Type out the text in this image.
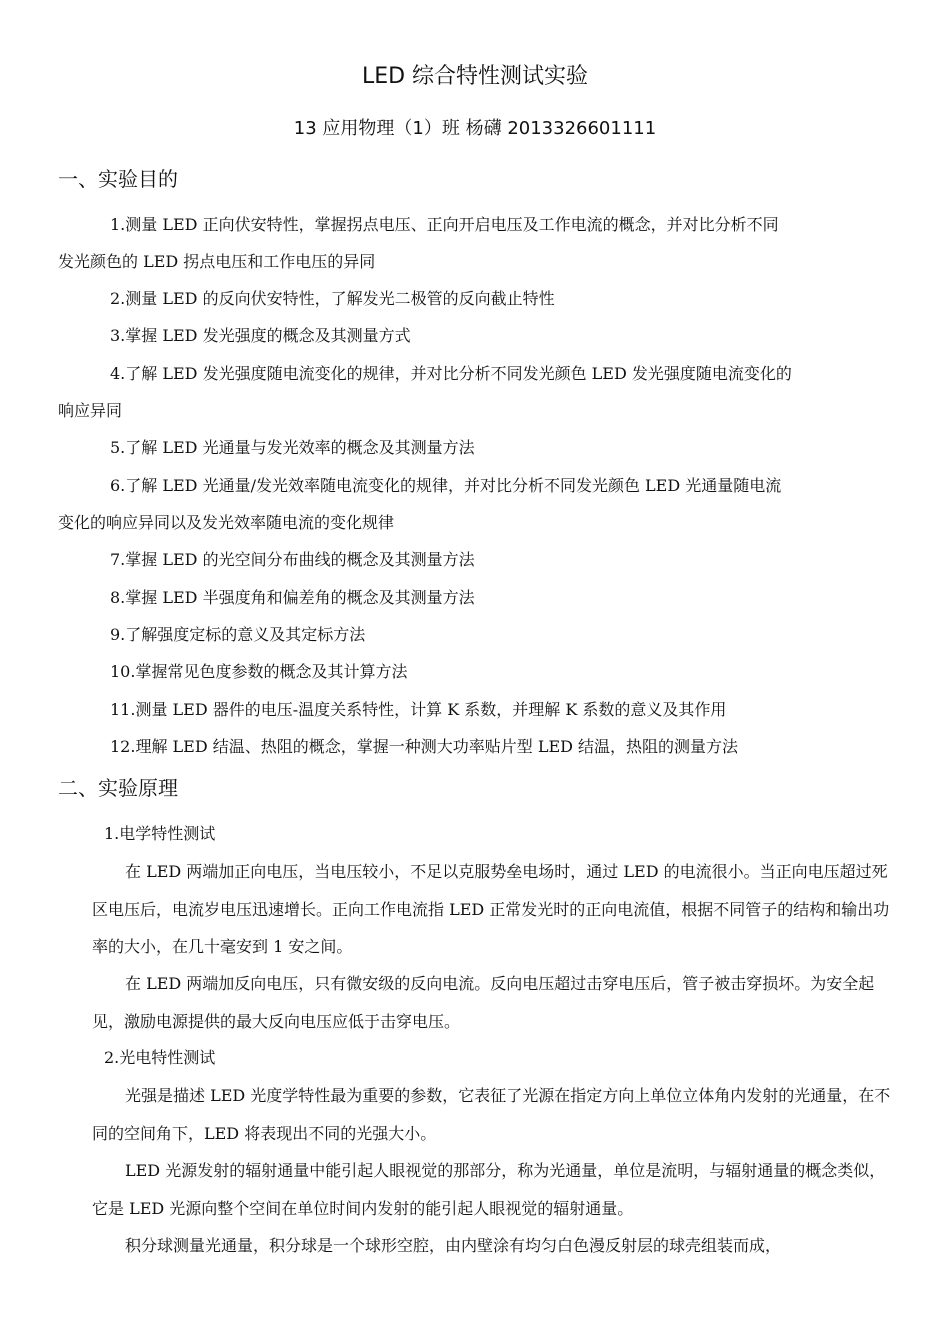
LED 综合特性测试实验
13 应用物理（1）班 杨礴 2013326601111
一、实验目的
1.测量 LED 正向伏安特性，掌握拐点电压、正向开启电压及工作电流的概念，并对比分析不同
发光颜色的 LED 拐点电压和工作电压的异同
2.测量 LED 的反向伏安特性，了解发光二极管的反向截止特性
3.掌握 LED 发光强度的概念及其测量方式
4.了解 LED 发光强度随电流变化的规律，并对比分析不同发光颜色 LED 发光强度随电流变化的
响应异同
5.了解 LED 光通量与发光效率的概念及其测量方法
6.了解 LED 光通量/发光效率随电流变化的规律，并对比分析不同发光颜色 LED 光通量随电流
变化的响应异同以及发光效率随电流的变化规律
7.掌握 LED 的光空间分布曲线的概念及其测量方法
8.掌握 LED 半强度角和偏差角的概念及其测量方法
9.了解强度定标的意义及其定标方法
10.掌握常见色度参数的概念及其计算方法
11.测量 LED 器件的电压-温度关系特性，计算 K 系数，并理解 K 系数的意义及其作用
12.理解 LED 结温、热阻的概念，掌握一种测大功率贴片型 LED 结温，热阻的测量方法
二、实验原理
1.电学特性测试
在 LED 两端加正向电压，当电压较小，不足以克服势垒电场时，通过 LED 的电流很小。当正向电压超过死区电压后，电流岁电压迅速增长。正向工作电流指 LED 正常发光时的正向电流值，根据不同管子的结构和输出功率的大小，在几十毫安到 1 安之间。
在 LED 两端加反向电压，只有微安级的反向电流。反向电压超过击穿电压后，管子被击穿损坏。为安全起见，激励电源提供的最大反向电压应低于击穿电压。
2.光电特性测试
光强是描述 LED 光度学特性最为重要的参数，它表征了光源在指定方向上单位立体角内发射的光通量，在不同的空间角下，LED 将表现出不同的光强大小。
LED 光源发射的辐射通量中能引起人眼视觉的那部分，称为光通量，单位是流明，与辐射通量的概念类似，它是 LED 光源向整个空间在单位时间内发射的能引起人眼视觉的辐射通量。
积分球测量光通量，积分球是一个球形空腔，由内壁涂有均匀白色漫反射层的球壳组装而成，
